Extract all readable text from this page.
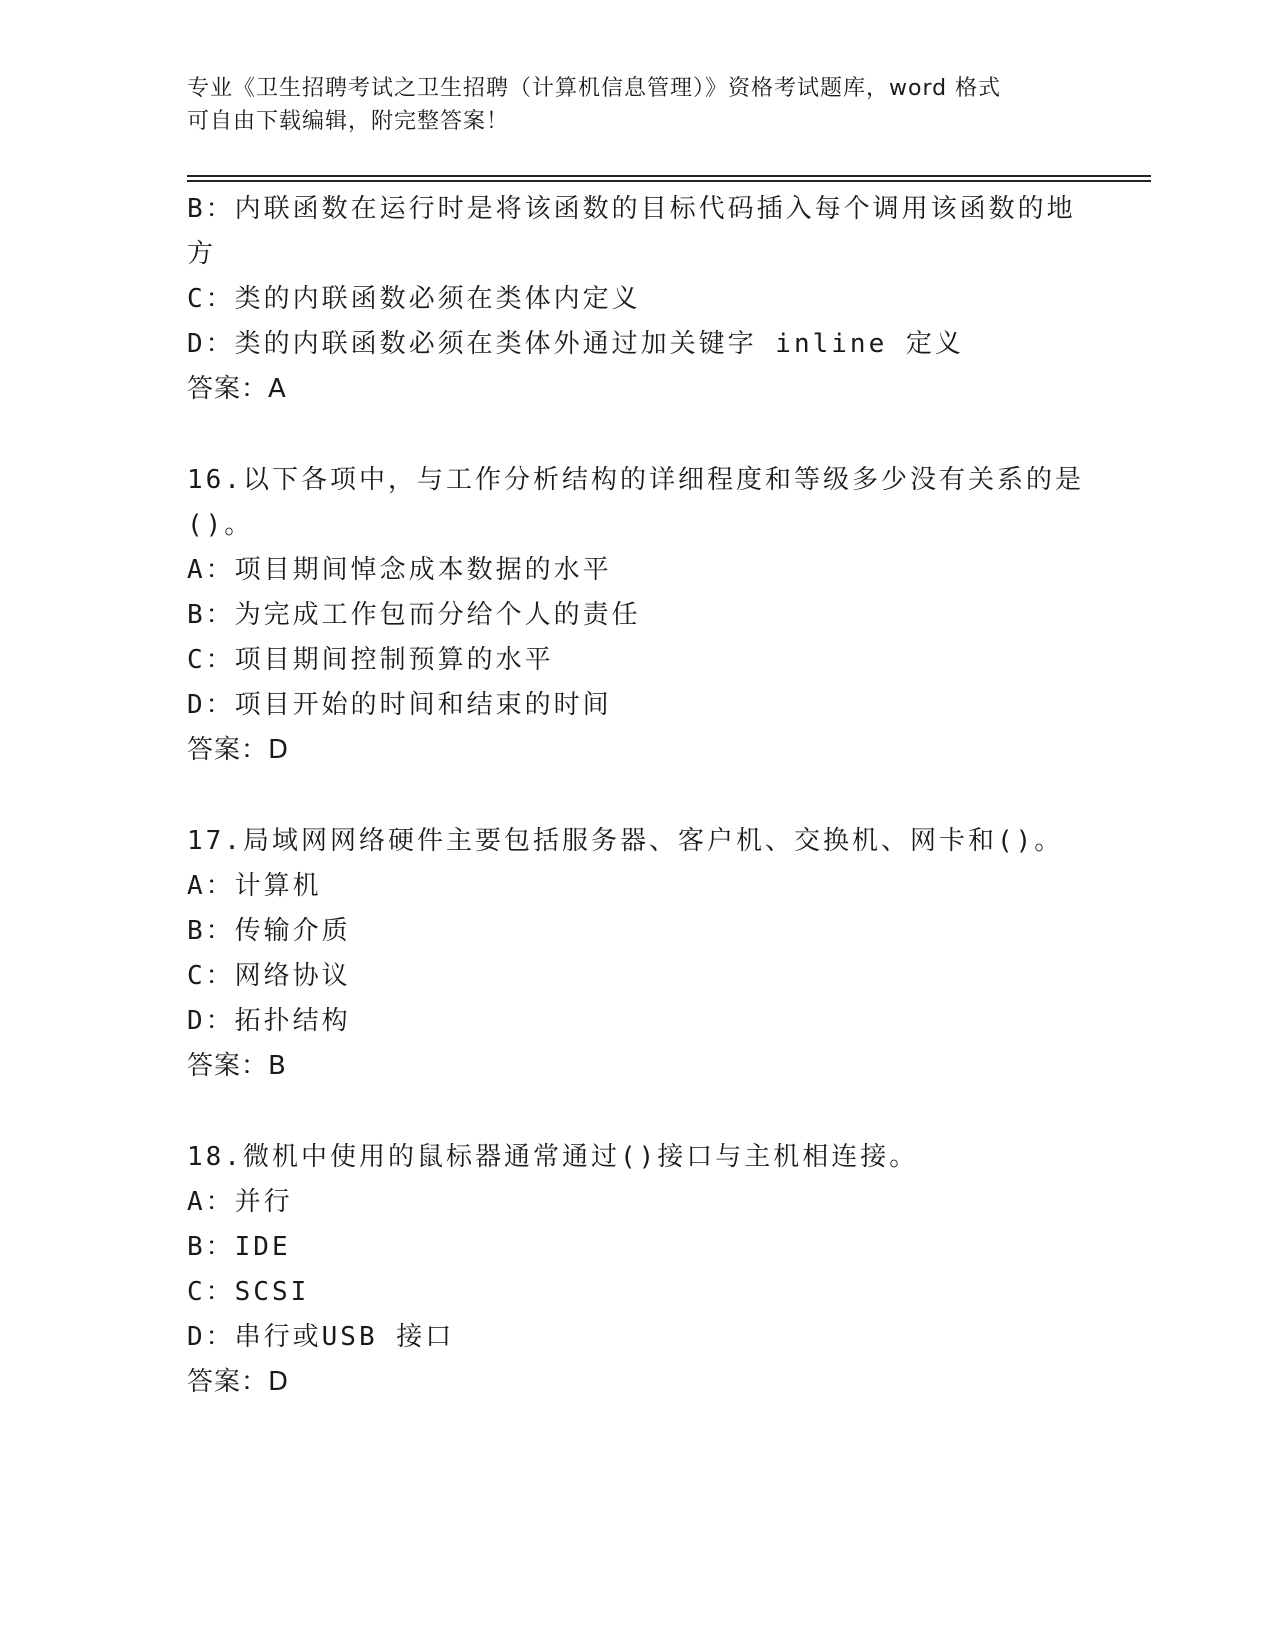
专业《卫生招聘考试之卫生招聘（计算机信息管理）》资格考试题库，word 格式
可自由下载编辑，附完整答案！
B：内联函数在运行时是将该函数的目标代码插入每个调用该函数的地
方
C：类的内联函数必须在类体内定义
D：类的内联函数必须在类体外通过加关键字 inline 定义
答案：A
16.以下各项中，与工作分析结构的详细程度和等级多少没有关系的是
()。
A：项目期间悼念成本数据的水平
B：为完成工作包而分给个人的责任
C：项目期间控制预算的水平
D：项目开始的时间和结束的时间
答案：D
17.局域网网络硬件主要包括服务器、客户机、交换机、网卡和()。
A：计算机
B：传输介质
C：网络协议
D：拓扑结构
答案：B
18.微机中使用的鼠标器通常通过()接口与主机相连接。
A：并行
B：IDE
C：SCSI
D：串行或USB 接口
答案：D
